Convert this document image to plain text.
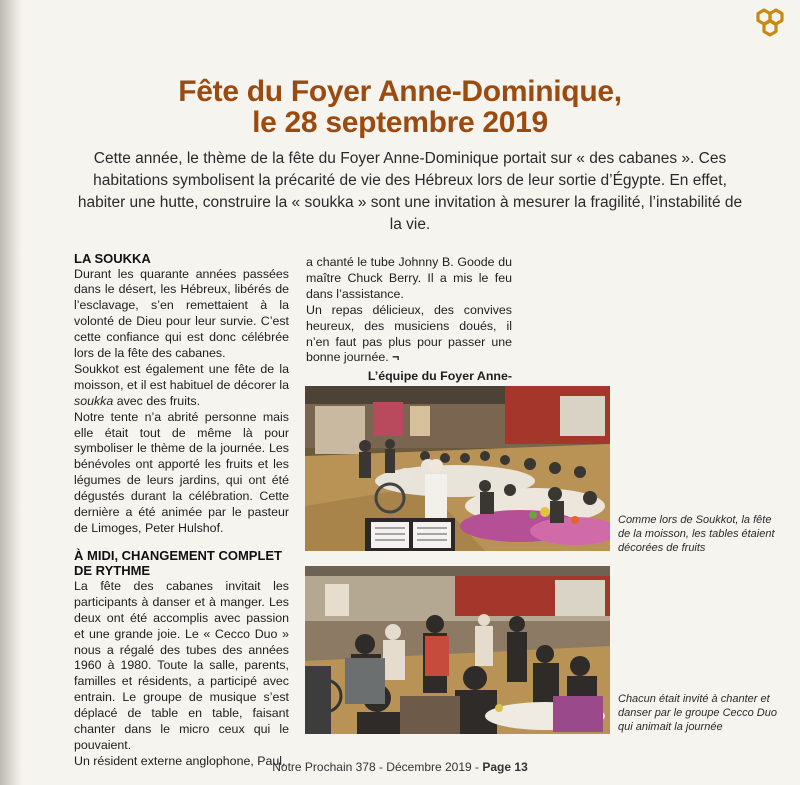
Fête du Foyer Anne-Dominique,
le 28 septembre 2019

Cette année, le thème de la fête du Foyer Anne-Dominique portait sur « des cabanes ». Ces habitations symbolisent la précarité de vie des Hébreux lors de leur sortie d’Égypte. En effet, habiter une hutte, construire la « soukka » sont une invitation à mesurer la fragilité, l’instabilité de la vie.

LA SOUKKA

Durant les quarante années passées dans le désert, les Hébreux, libérés de l’esclavage, s’en remettaient à la volonté de Dieu pour leur survie. C’est cette confiance qui est donc célébrée lors de la fête des cabanes.

Soukkot est également une fête de la moisson, et il est habituel de décorer la soukka avec des fruits.

Notre tente n’a abrité personne mais elle était tout de même là pour symboliser le thème de la journée. Les bénévoles ont apporté les fruits et les légumes de leurs jardins, qui ont été dégustés durant la célébration. Cette dernière a été animée par le pasteur de Limoges, Peter Hulshof.

À MIDI, CHANGEMENT COMPLET DE RYTHME

La fête des cabanes invitait les participants à danser et à manger. Les deux ont été accomplis avec passion et une grande joie. Le « Cecco Duo » nous a régalé des tubes des années 1960 à 1980. Toute la salle, parents, familles et résidents, a participé avec entrain. Le groupe de musique s’est déplacé de table en table, faisant chanter dans le micro ceux qui le pouvaient.

Un résident externe anglophone, Paul,

a chanté le tube Johnny B. Goode du maître Chuck Berry. Il a mis le feu dans l’assistance.

Un repas délicieux, des convives heureux, des musiciens doués, il n’en faut pas plus pour passer une bonne journée. ¬

L’équipe du Foyer Anne-

Comme lors de Soukkot, la fête de la moisson, les tables étaient décorées de fruits
Chacun était invité à chanter et danser par le groupe Cecco Duo qui animait la journée
Notre Prochain 378 - Décembre 2019 - Page 13
